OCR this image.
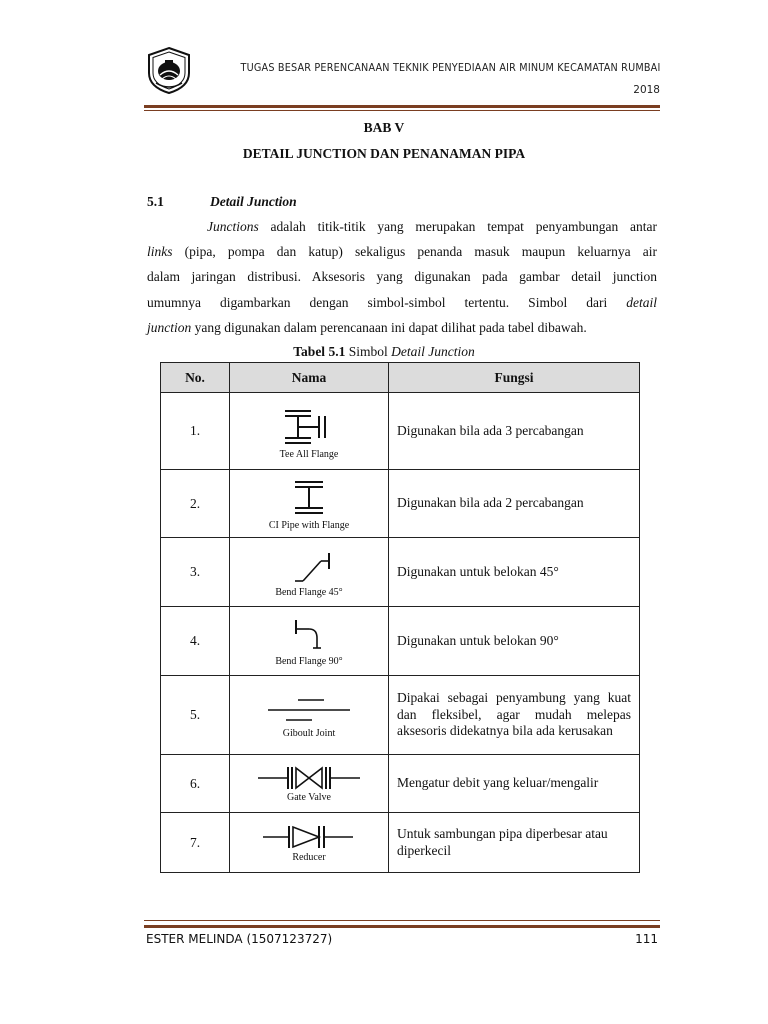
TUGAS BESAR PERENCANAAN TEKNIK PENYEDIAAN AIR MINUM KECAMATAN RUMBAI
2018
BAB V
DETAIL JUNCTION DAN PENANAMAN PIPA
5.1	Detail Junction
Junctions adalah titik-titik yang merupakan tempat penyambungan antar
links (pipa, pompa dan katup) sekaligus penanda masuk maupun keluarnya air
dalam jaringan distribusi. Aksesoris yang digunakan pada gambar detail junction
umumnya digambarkan dengan simbol-simbol tertentu. Simbol dari detail
junction yang digunakan dalam perencanaan ini dapat dilihat pada tabel dibawah.
Tabel 5.1 Simbol Detail Junction
No.	Nama	Fungsi
1.	Tee All Flange	Digunakan bila ada 3 percabangan
2.	CI Pipe with Flange	Digunakan bila ada 2 percabangan
3.	Bend Flange 45°	Digunakan untuk belokan 45°
4.	Bend Flange 90°	Digunakan untuk belokan 90°
5.	Giboult Joint	Dipakai sebagai penyambung yang kuat dan fleksibel, agar mudah melepas aksesoris didekatnya bila ada kerusakan
6.	Gate Valve	Mengatur debit yang keluar/mengalir
7.	Reducer	Untuk sambungan pipa diperbesar atau diperkecil
ESTER MELINDA (1507123727)	111
